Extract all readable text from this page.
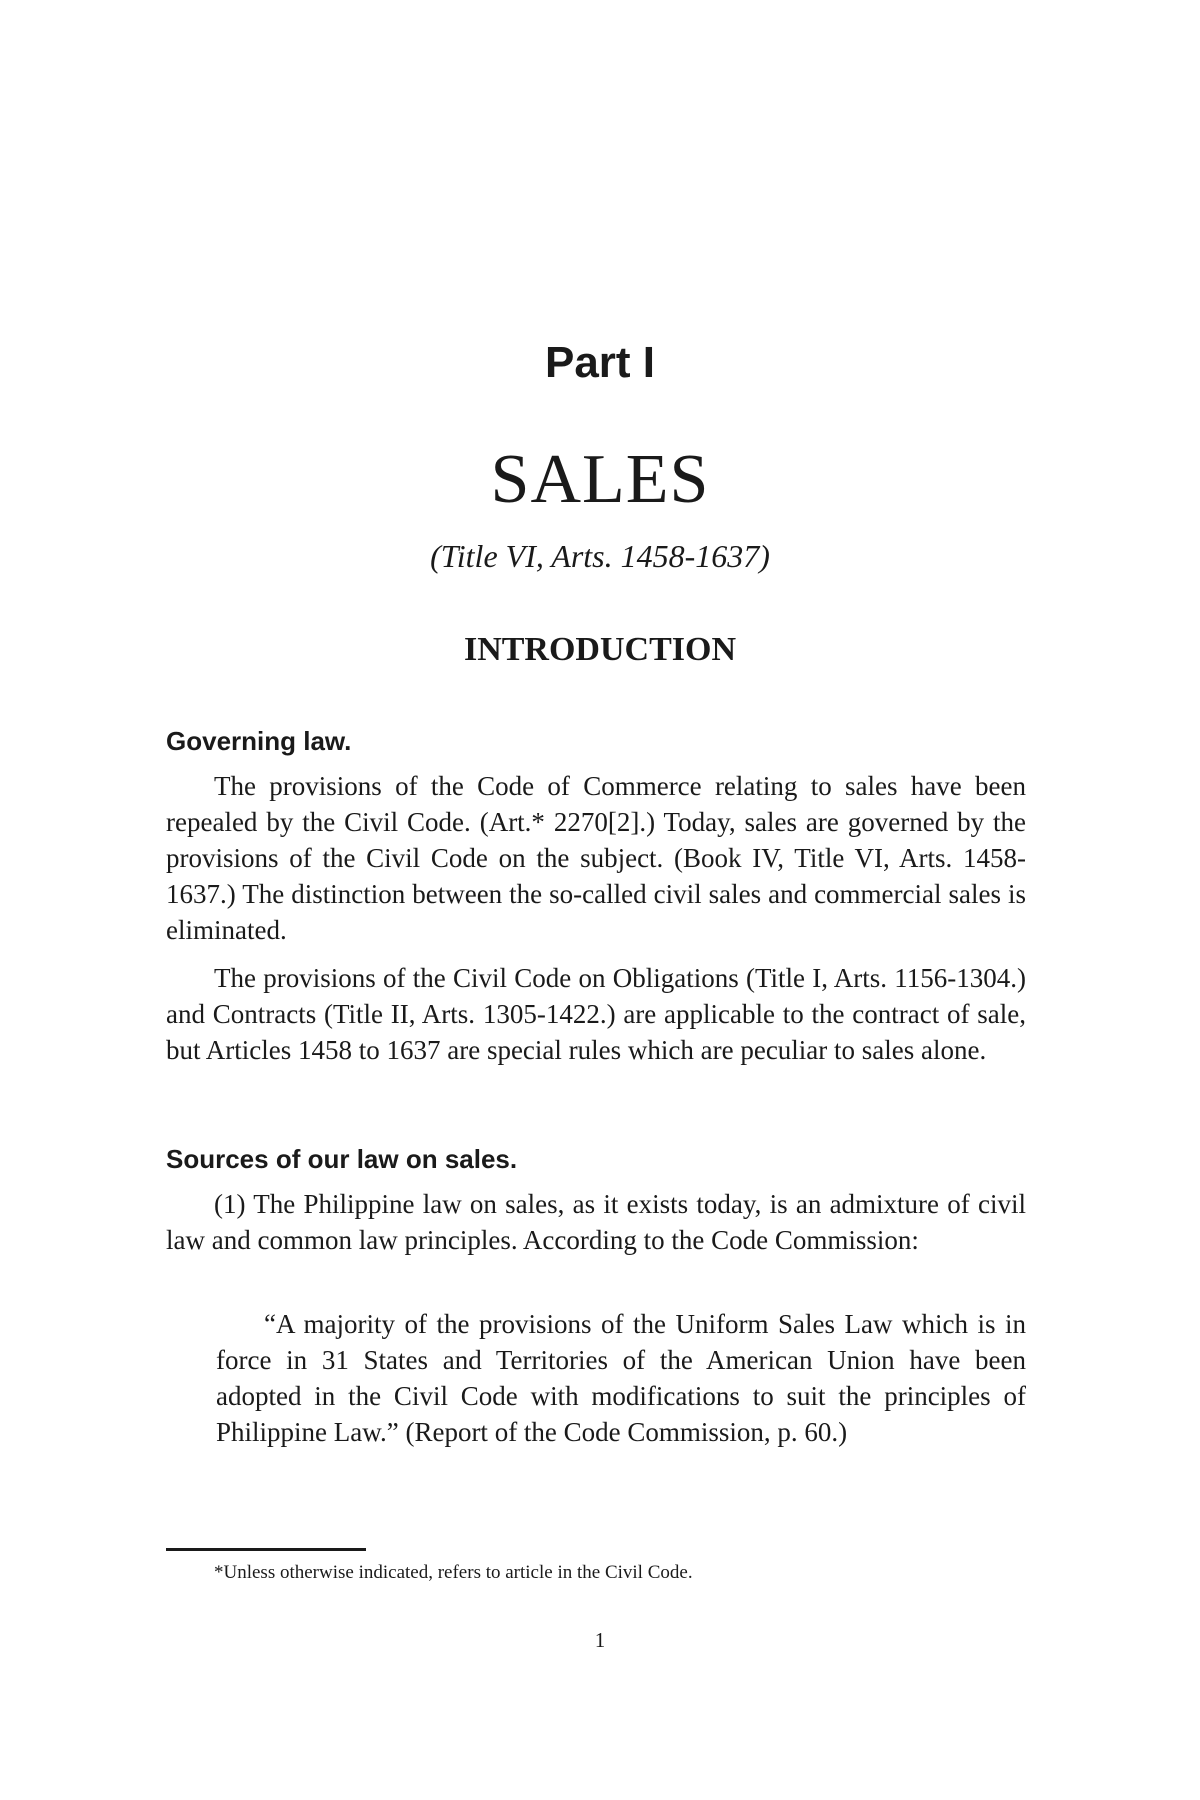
Part I
SALES
(Title VI, Arts. 1458-1637)
INTRODUCTION
Governing law.

The provisions of the Code of Commerce relating to sales have been repealed by the Civil Code. (Art.* 2270[2].) Today, sales are governed by the provisions of the Civil Code on the subject. (Book IV, Title VI, Arts. 1458-1637.) The distinction between the so-called civil sales and commercial sales is eliminated.

The provisions of the Civil Code on Obligations (Title I, Arts. 1156-1304.) and Contracts (Title II, Arts. 1305-1422.) are applicable to the contract of sale, but Articles 1458 to 1637 are special rules which are peculiar to sales alone.

Sources of our law on sales.

(1) The Philippine law on sales, as it exists today, is an admixture of civil law and common law principles. According to the Code Commission:

“A majority of the provisions of the Uniform Sales Law which is in force in 31 States and Territories of the American Union have been adopted in the Civil Code with modifications to suit the principles of Philippine Law.” (Report of the Code Commission, p. 60.)

*Unless otherwise indicated, refers to article in the Civil Code.
1
